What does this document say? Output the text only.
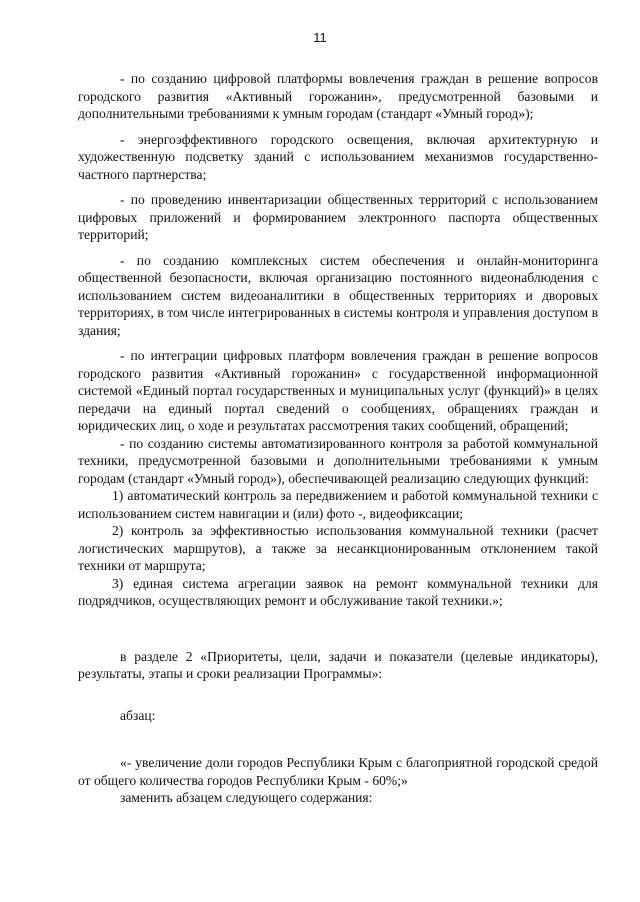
11

- по созданию цифровой платформы вовлечения граждан в решение вопросов городского развития «Активный горожанин», предусмотренной базовыми и дополнительными требованиями к умным городам (стандарт «Умный город»);

- энергоэффективного городского освещения, включая архитектурную и художественную подсветку зданий с использованием механизмов государственно-частного партнерства;

- по проведению инвентаризации общественных территорий с использованием цифровых приложений и формированием электронного паспорта общественных территорий;

- по созданию комплексных систем обеспечения и онлайн-мониторинга общественной безопасности, включая организацию постоянного видеонаблюдения с использованием систем видеоаналитики в общественных территориях и дворовых территориях, в том числе интегрированных в системы контроля и управления доступом в здания;

- по интеграции цифровых платформ вовлечения граждан в решение вопросов городского развития «Активный горожанин» с государственной информационной системой «Единый портал государственных и муниципальных услуг (функций)» в целях передачи на единый портал сведений о сообщениях, обращениях граждан и юридических лиц, о ходе и результатах рассмотрения таких сообщений, обращений;

- по созданию системы автоматизированного контроля за работой коммунальной техники, предусмотренной базовыми и дополнительными требованиями к умным городам (стандарт «Умный город»), обеспечивающей реализацию следующих функций:

1) автоматический контроль за передвижением и работой коммунальной техники с использованием систем навигации и (или) фото -, видеофиксации;

2) контроль за эффективностью использования коммунальной техники (расчет логистических маршрутов), а также за несанкционированным отклонением такой техники от маршрута;

3) единая система агрегации заявок на ремонт коммунальной техники для подрядчиков, осуществляющих ремонт и обслуживание такой техники.»;

в разделе 2 «Приоритеты, цели, задачи и показатели (целевые индикаторы), результаты, этапы и сроки реализации Программы»:

абзац:

«- увеличение доли городов Республики Крым с благоприятной городской средой от общего количества городов Республики Крым - 60%;»

заменить абзацем следующего содержания:
